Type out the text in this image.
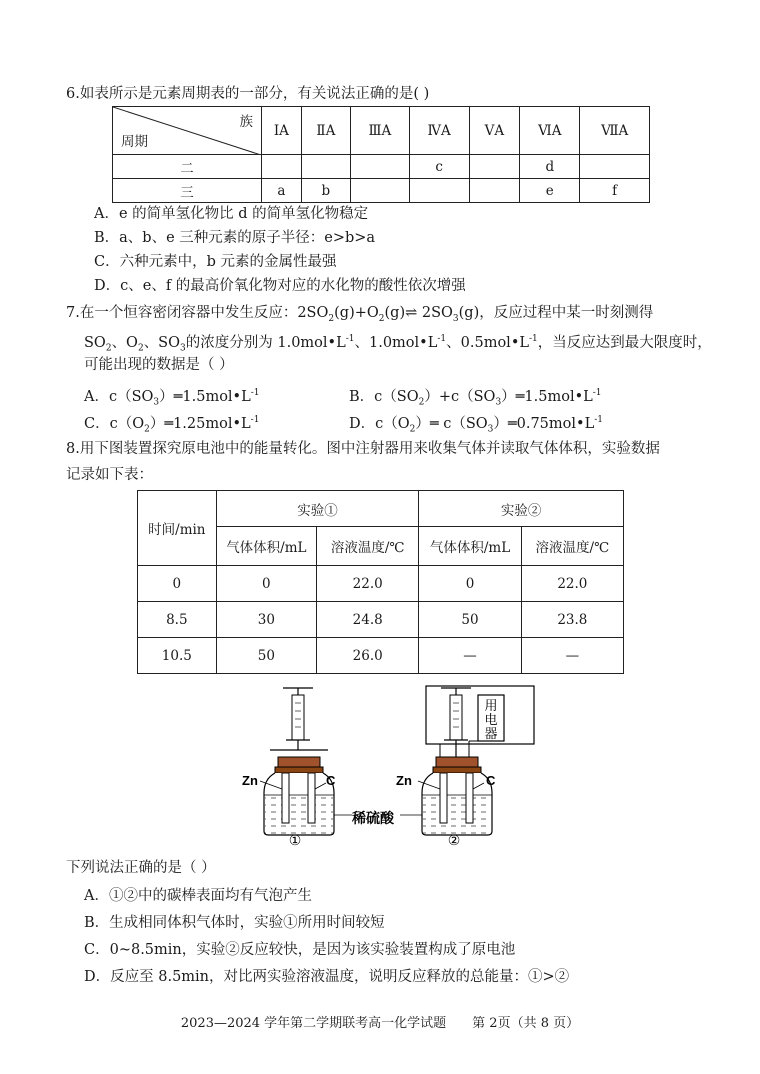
6.如表所示是元素周期表的一部分，有关说法正确的是( )
族
周期	ⅠA	ⅡA	ⅢA	ⅣA	ⅤA	ⅥA	ⅦA
二				c		d	
三	a	b				e	f
A．e 的简单氢化物比 d 的简单氢化物稳定
B．a、b、e 三种元素的原子半径：e>b>a
C．六种元素中，b 元素的金属性最强
D．c、e、f 的最高价氧化物对应的水化物的酸性依次增强
7.在一个恒容密闭容器中发生反应：$2SO_2(g)+O_2(g)\rightleftharpoons$ $2SO_3(g)$，反应过程中某一时刻测得
$SO_2$、$O_2$、$SO_3$的浓度分别为 $1.0mol•L^{-1}$、$1.0mol•L^{-1}$、$0.5mol•L^{-1}$，当反应达到最大限度时，
可能出现的数据是（ ）
A．$c(SO_3)═1.5mol•L^{-1}$	B．$c(SO_2)+c(SO_3)═1.5mol•L^{-1}$
C．$c(O_2)═1.25mol•L^{-1}$	D．$c(O_2)═$ $c(SO_3)═0.75mol•L^{-1}$
8.用下图装置探究原电池中的能量转化。图中注射器用来收集气体并读取气体体积，实验数据
记录如下表：
时间/min	实验①		实验②	
	气体体积/mL	溶液温度/℃	气体体积/mL	溶液温度/℃
0	0	22.0	0	22.0
8.5	30	24.8	50	23.8
10.5	50	26.0	—	—
Zn	C
①
稀硫酸
用
电
器
Zn	C
②
下列说法正确的是（ ）
A．①②中的碳棒表面均有气泡产生
B．生成相同体积气体时，实验①所用时间较短
C．0~8.5min，实验②反应较快，是因为该实验装置构成了原电池
D．反应至 8.5min，对比两实验溶液温度，说明反应释放的总能量：①>②
2023—2024 学年第二学期联考高一化学试题　　第 2页（共 8 页）
